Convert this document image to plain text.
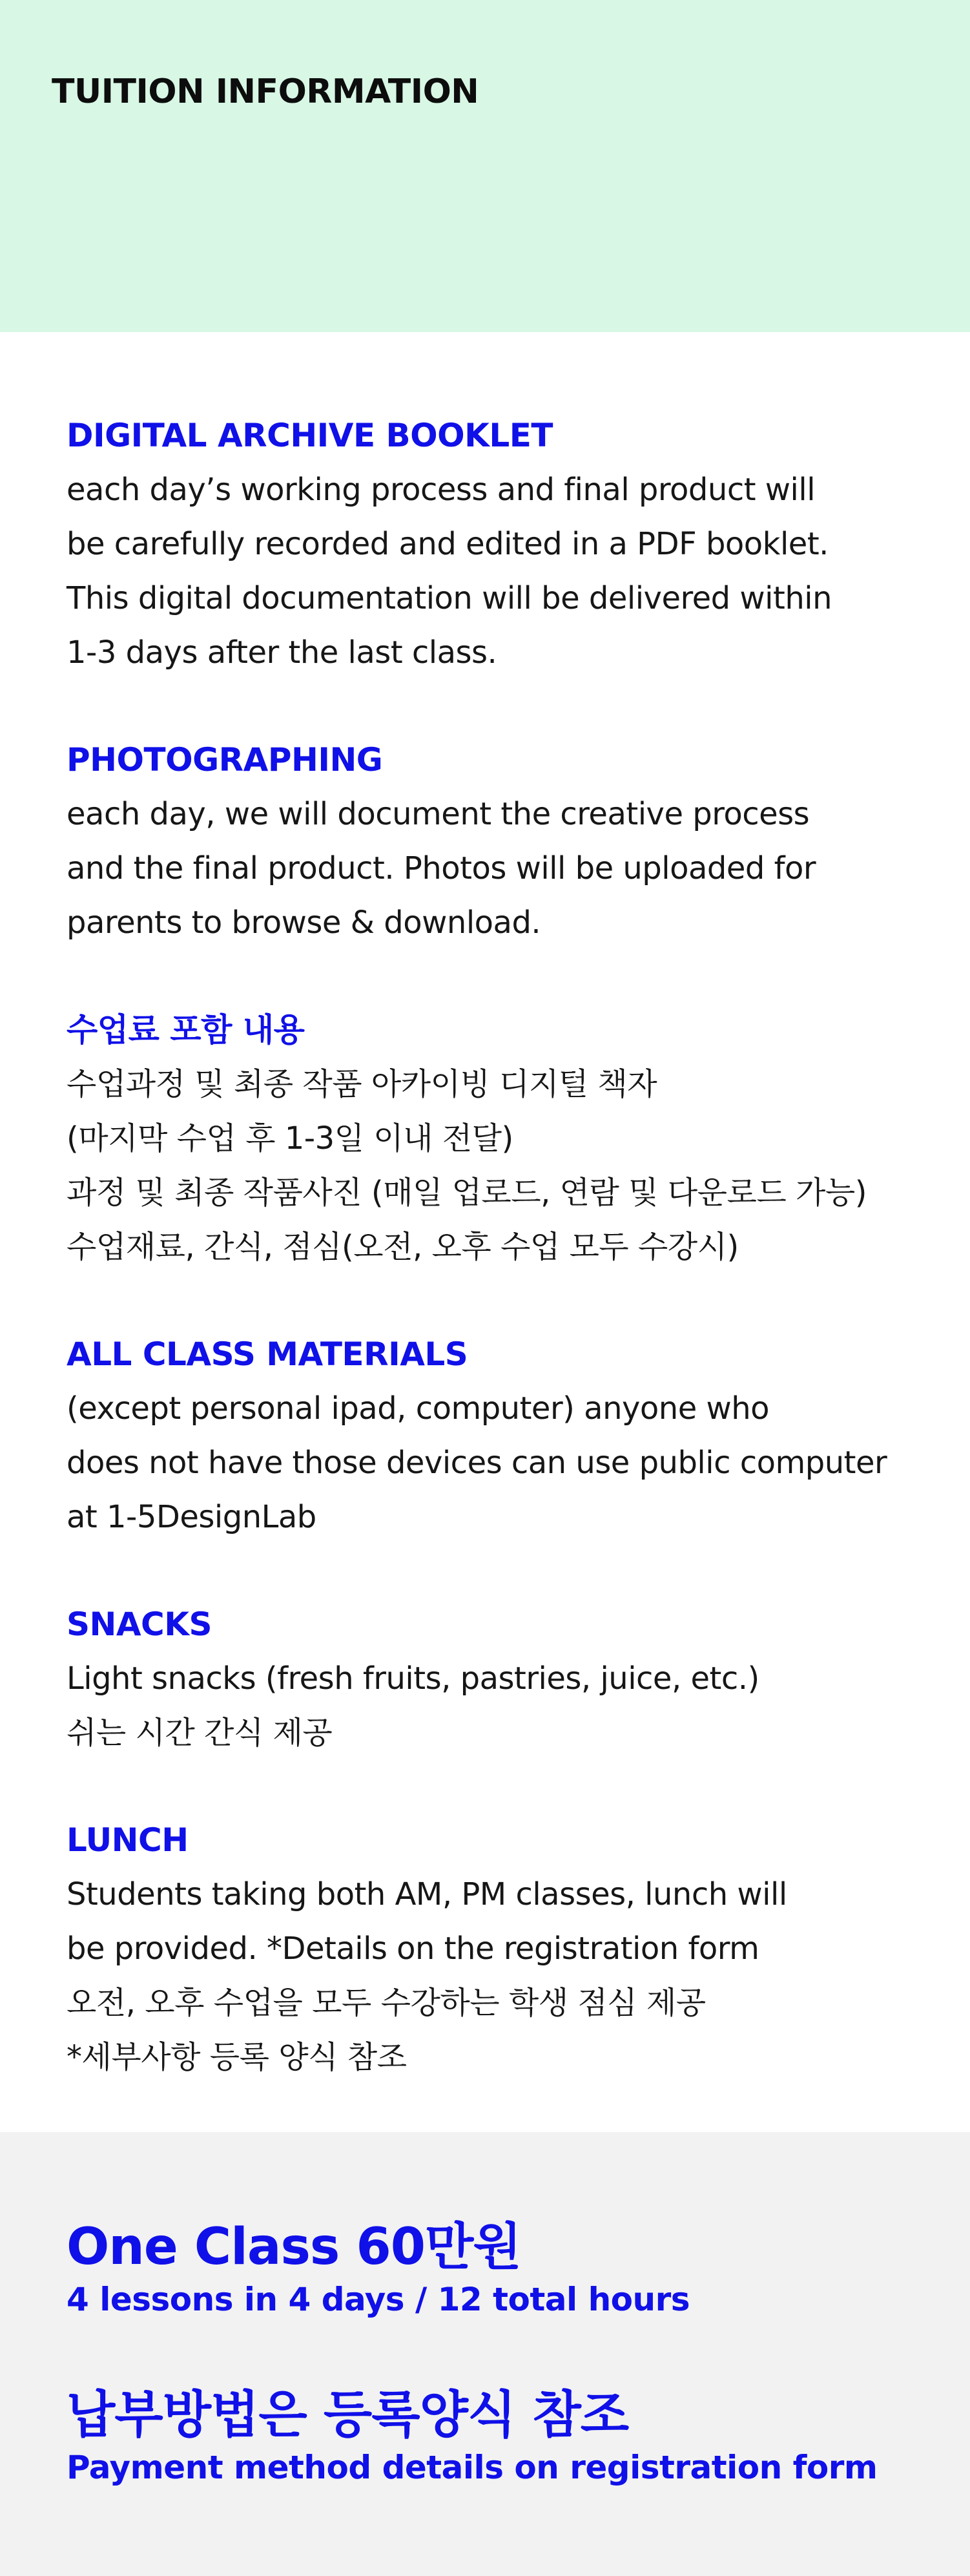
TUITION INFORMATION
DIGITAL ARCHIVE BOOKLET
each day’s working process and final product will
be carefully recorded and edited in a PDF booklet.
This digital documentation will be delivered within
1-3 days after the last class.
PHOTOGRAPHING
each day, we will document the creative process
and the final product. Photos will be uploaded for
parents to browse & download.
수업료 포함 내용
수업과정 및 최종 작품 아카이빙 디지털 책자
(마지막 수업 후 1-3일 이내 전달)
과정 및 최종 작품사진 (매일 업로드, 연람 및 다운로드 가능)
수업재료, 간식, 점심(오전, 오후 수업 모두 수강시)
ALL CLASS MATERIALS
(except personal ipad, computer) anyone who
does not have those devices can use public computer
at 1-5DesignLab
SNACKS
Light snacks (fresh fruits, pastries, juice, etc.)
쉬는 시간 간식 제공
LUNCH
Students taking both AM, PM classes, lunch will
be provided. *Details on the registration form
오전, 오후 수업을 모두 수강하는 학생 점심 제공
*세부사항 등록 양식 참조
One Class 60만원
4 lessons in 4 days / 12 total hours
납부방법은 등록양식 참조
Payment method details on registration form
